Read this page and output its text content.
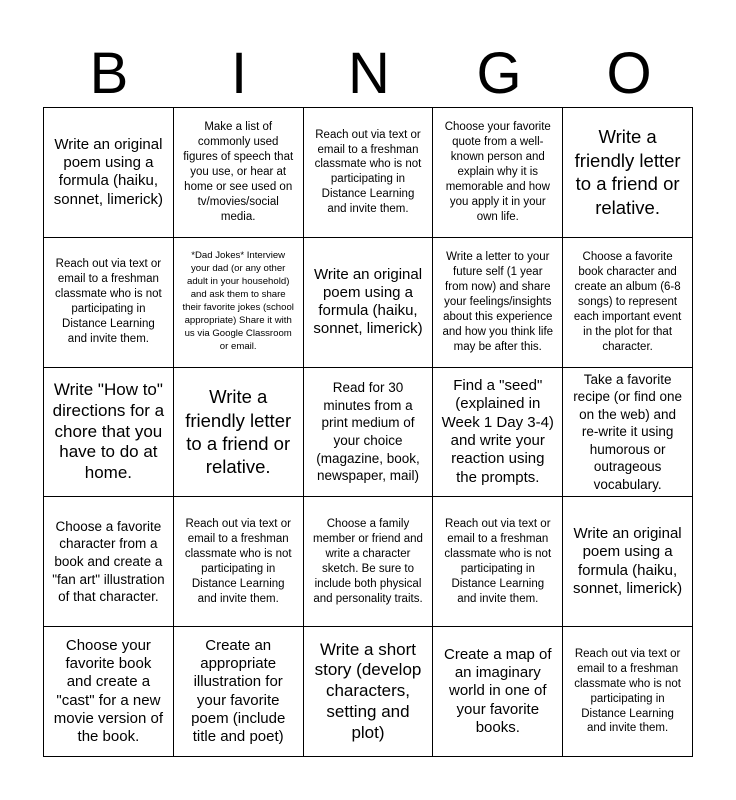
B	I	N	G	O
Write an original poem using a formula (haiku, sonnet, limerick)
Make a list of commonly used figures of speech that you use, or hear at home or see used on tv/movies/social media.
Reach out via text or email to a freshman classmate who is not participating in Distance Learning and invite them.
Choose your favorite quote from a well-known person and explain why it is memorable and how you apply it in your own life.
Write a friendly letter to a friend or relative.
Reach out via text or email to a freshman classmate who is not participating in Distance Learning and invite them.
*Dad Jokes* Interview your dad (or any other adult in your household) and ask them to share their favorite jokes (school appropriate) Share it with us via Google Classroom or email.
Write an original poem using a formula (haiku, sonnet, limerick)
Write a letter to your future self (1 year from now) and share your feelings/insights about this experience and how you think life may be after this.
Choose a favorite book character and create an album (6-8 songs) to represent each important event in the plot for that character.
Write "How to" directions for a chore that you have to do at home.
Write a friendly letter to a friend or relative.
Read for 30 minutes from a print medium of your choice (magazine, book, newspaper, mail)
Find a "seed" (explained in Week 1 Day 3-4) and write your reaction using the prompts.
Take a favorite recipe (or find one on the web) and re-write it using humorous or outrageous vocabulary.
Choose a favorite character from a book and create a "fan art" illustration of that character.
Reach out via text or email to a freshman classmate who is not participating in Distance Learning and invite them.
Choose a family member or friend and write a character sketch. Be sure to include both physical and personality traits.
Reach out via text or email to a freshman classmate who is not participating in Distance Learning and invite them.
Write an original poem using a formula (haiku, sonnet, limerick)
Choose your favorite book and create a "cast" for a new movie version of the book.
Create an appropriate illustration for your favorite poem (include title and poet)
Write a short story (develop characters, setting and plot)
Create a map of an imaginary world in one of your favorite books.
Reach out via text or email to a freshman classmate who is not participating in Distance Learning and invite them.
